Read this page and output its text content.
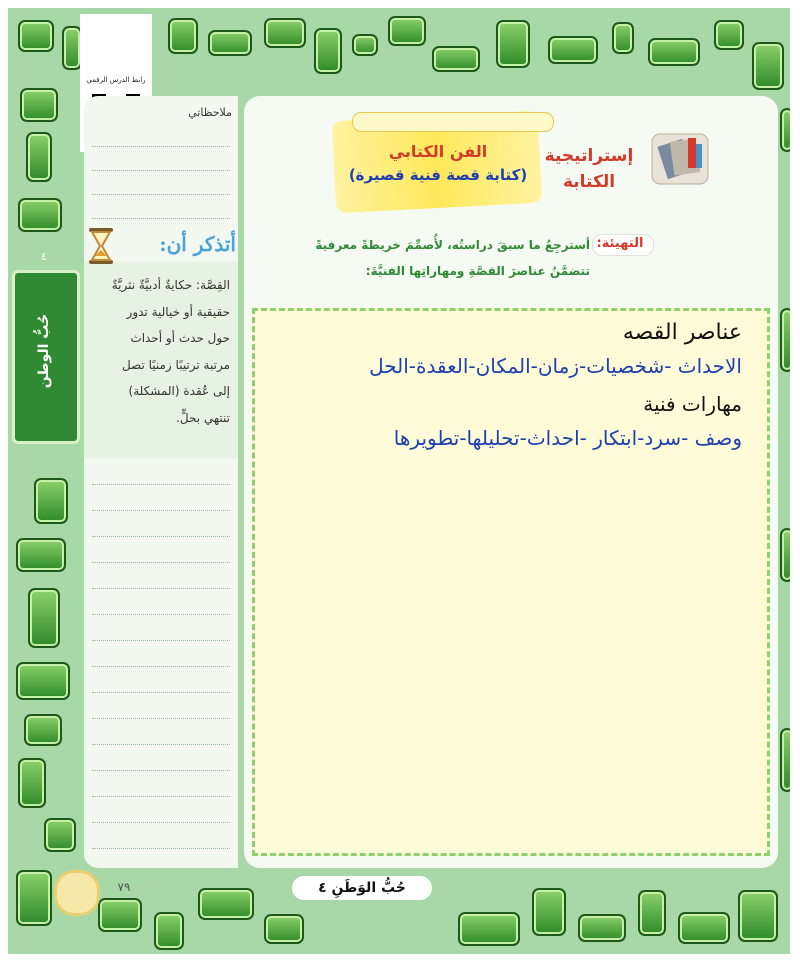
رابط الدرس الرقمي
ملاحظاتي
أتذكر أن:
القِصَّة: حكايةٌ أدبيَّةٌ نثريَّةٌ
حقيقية أو خيالية تدور
حول حدث أو أحداث
مرتبة ترتيبًا زمنيًا تصل
إلى عُقدة (المشكلة)
تنتهي بحلٍّ.
حُبُّ الوطن
٤
إستراتيجية
الكتابة
الفن الكتابي
(كتابة قصة فنية قصيرة)
التهيئة:
أسترجِعُ ما سبقَ دراستُه، لأُصمِّمَ خريطةً معرفيةً
تتضمَّنُ عناصرَ القصَّةِ ومهاراتِها الفنيَّةَ:
عناصر القصه
الاحداث -شخصيات-زمان-المكان-العقدة-الحل
مهارات فنية
وصف -سرد-ابتكار -احداث-تحليلها-تطويرها
حُبُّ الوَطَنِ ٤
٧٩
